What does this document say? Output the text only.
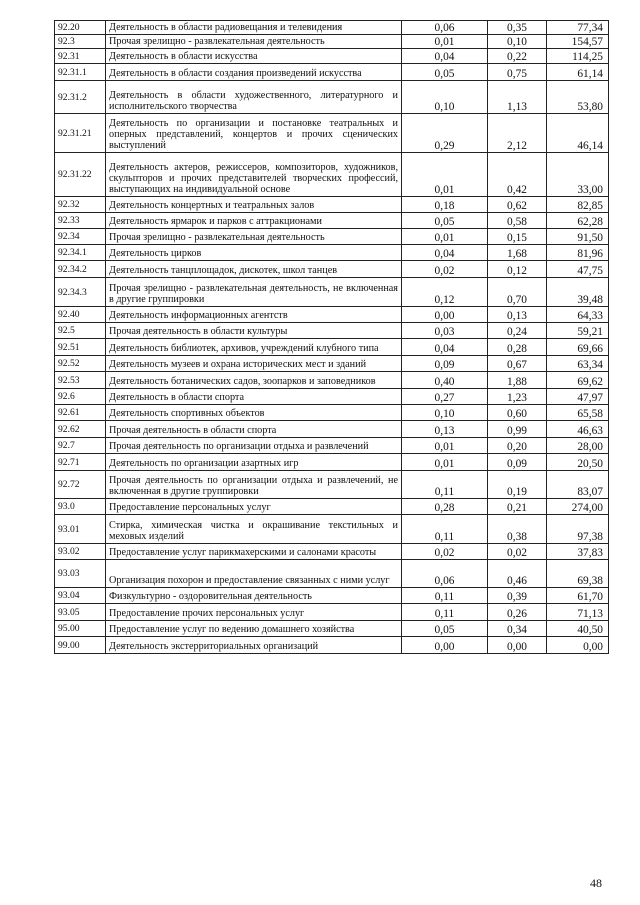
92.20	Деятельность в области радиовещания и телевидения	0,06	0,35	77,34
92.3	Прочая зрелищно - развлекательная деятельность	0,01	0,10	154,57
92.31	Деятельность в области искусства	0,04	0,22	114,25
92.31.1	Деятельность в области создания произведений искусства	0,05	0,75	61,14
92.31.2	Деятельность в области художественного, литературного и исполнительского творчества	0,10	1,13	53,80
92.31.21	Деятельность по организации и постановке театральных и оперных представлений, концертов и прочих сценических выступлений	0,29	2,12	46,14
92.31.22	Деятельность актеров, режиссеров, композиторов, художников, скульпторов и прочих представителей творческих профессий, выступающих на индивидуальной основе	0,01	0,42	33,00
92.32	Деятельность концертных и театральных залов	0,18	0,62	82,85
92.33	Деятельность ярмарок и парков с аттракционами	0,05	0,58	62,28
92.34	Прочая зрелищно - развлекательная деятельность	0,01	0,15	91,50
92.34.1	Деятельность цирков	0,04	1,68	81,96
92.34.2	Деятельность танцплощадок, дискотек, школ танцев	0,02	0,12	47,75
92.34.3	Прочая зрелищно - развлекательная деятельность, не включенная в другие группировки	0,12	0,70	39,48
92.40	Деятельность информационных агентств	0,00	0,13	64,33
92.5	Прочая деятельность в области культуры	0,03	0,24	59,21
92.51	Деятельность библиотек, архивов, учреждений клубного типа	0,04	0,28	69,66
92.52	Деятельность музеев и охрана исторических мест и зданий	0,09	0,67	63,34
92.53	Деятельность ботанических садов, зоопарков и заповедников	0,40	1,88	69,62
92.6	Деятельность в области спорта	0,27	1,23	47,97
92.61	Деятельность спортивных объектов	0,10	0,60	65,58
92.62	Прочая деятельность в области спорта	0,13	0,99	46,63
92.7	Прочая деятельность по организации отдыха и развлечений	0,01	0,20	28,00
92.71	Деятельность по организации азартных игр	0,01	0,09	20,50
92.72	Прочая деятельность по организации отдыха и развлечений, не включенная в другие группировки	0,11	0,19	83,07
93.0	Предоставление персональных услуг	0,28	0,21	274,00
93.01	Стирка, химическая чистка и окрашивание текстильных и меховых изделий	0,11	0,38	97,38
93.02	Предоставление услуг парикмахерскими и салонами красоты	0,02	0,02	37,83
93.03	Организация похорон и предоставление связанных с ними услуг	0,06	0,46	69,38
93.04	Физкультурно - оздоровительная деятельность	0,11	0,39	61,70
93.05	Предоставление прочих персональных услуг	0,11	0,26	71,13
95.00	Предоставление услуг по ведению домашнего хозяйства	0,05	0,34	40,50
99.00	Деятельность экстерриториальных организаций	0,00	0,00	0,00
48
